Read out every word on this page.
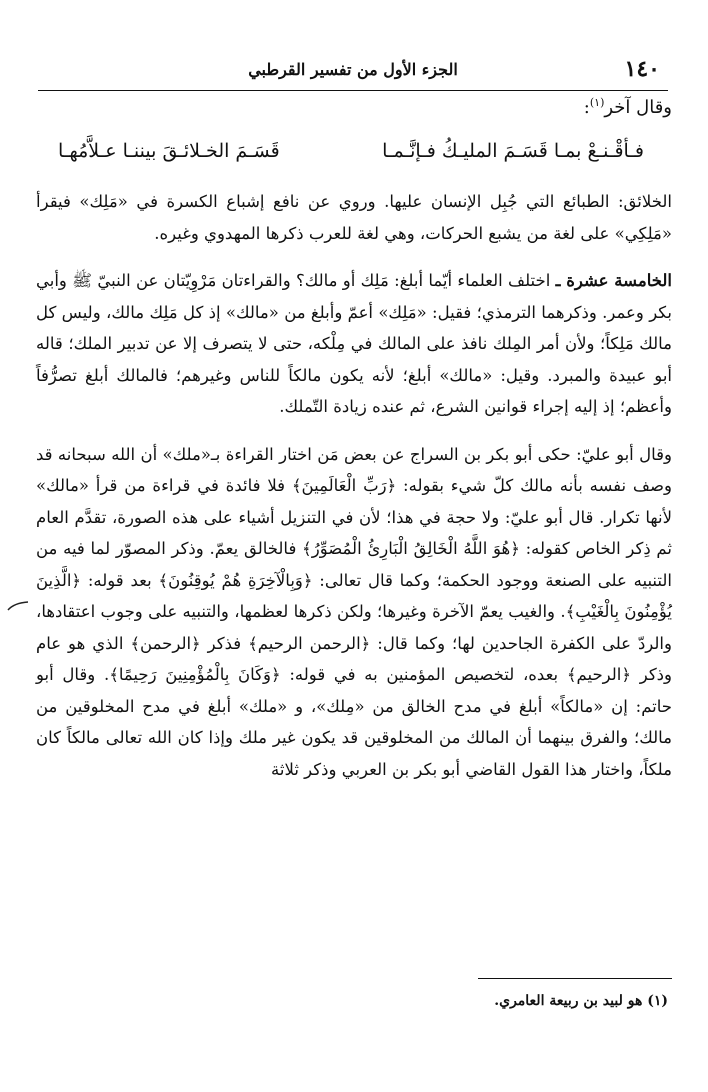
١٤٠
الجزء الأول من تفسير القرطبي
وقال آخر$^{(١)}$:
فـأقْـنـعْ بمـا قَسَـمَ المليـكُ فـإنَّـمـا
قَسَـمَ الخـلائـقَ بيننـا عـلاَّمُهـا

الخلائق: الطبائع التي جُبِل الإنسان عليها. وروي عن نافع إشباع الكسرة في «مَلِك» فيقرأ «مَلِكِي» على لغة من يشبع الحركات، وهي لغة للعرب ذكرها المهدوي وغيره.

الخامسة عشرة ـ اختلف العلماء أيّما أبلغ: مَلِك أو مالك؟ والقراءتان مَرْوِيّتان عن النبيّ ﷺ وأبي بكر وعمر. وذكرهما الترمذي؛ فقيل: «مَلِك» أعمّ وأبلغ من «مالك» إذ كل مَلِك مالك، وليس كل مالك مَلِكاً؛ ولأن أمر المِلك نافذ على المالك في مِلْكه، حتى لا يتصرف إلا عن تدبير الملك؛ قاله أبو عبيدة والمبرد. وقيل: «مالك» أبلغ؛ لأنه يكون مالكاً للناس وغيرهم؛ فالمالك أبلغ تصرُّفاً وأعظم؛ إذ إليه إجراء قوانين الشرع، ثم عنده زيادة التّملك.

وقال أبو عليّ: حكى أبو بكر بن السراج عن بعض مَن اختار القراءة بـ«ملك» أن الله سبحانه قد وصف نفسه بأنه مالك كلّ شيء بقوله: ﴿رَبِّ الْعَالَمِينَ﴾ فلا فائدة في قراءة من قرأ «مالك» لأنها تكرار. قال أبو عليّ: ولا حجة في هذا؛ لأن في التنزيل أشياء على هذه الصورة، تقدَّم العام ثم ذِكر الخاص كقوله: ﴿هُوَ اللَّهُ الْخَالِقُ الْبَارِئُ الْمُصَوِّرُ﴾ فالخالق يعمّ. وذكر المصوّر لما فيه من التنبيه على الصنعة ووجود الحكمة؛ وكما قال تعالى: ﴿وَبِالْآخِرَةِ هُمْ يُوقِنُونَ﴾ بعد قوله: ﴿الَّذِينَ يُؤْمِنُونَ بِالْغَيْبِ﴾. والغيب يعمّ الآخرة وغيرها؛ ولكن ذكرها لعظمها، والتنبيه على وجوب اعتقادها، والردّ على الكفرة الجاحدين لها؛ وكما قال: ﴿الرحمن الرحيم﴾ فذكر ﴿الرحمن﴾ الذي هو عام وذكر ﴿الرحيم﴾ بعده، لتخصيص المؤمنين به في قوله: ﴿وَكَانَ بِالْمُؤْمِنِينَ رَحِيمًا﴾. وقال أبو حاتم: إن «مالكاً» أبلغ في مدح الخالق من «مِلك»، و «ملك» أبلغ في مدح المخلوقين من مالك؛ والفرق بينهما أن المالك من المخلوقين قد يكون غير ملك وإذا كان الله تعالى مالكاً كان ملكاً، واختار هذا القول القاضي أبو بكر بن العربي وذكر ثلاثة

(١) هو لبيد بن ربيعة العامري.
